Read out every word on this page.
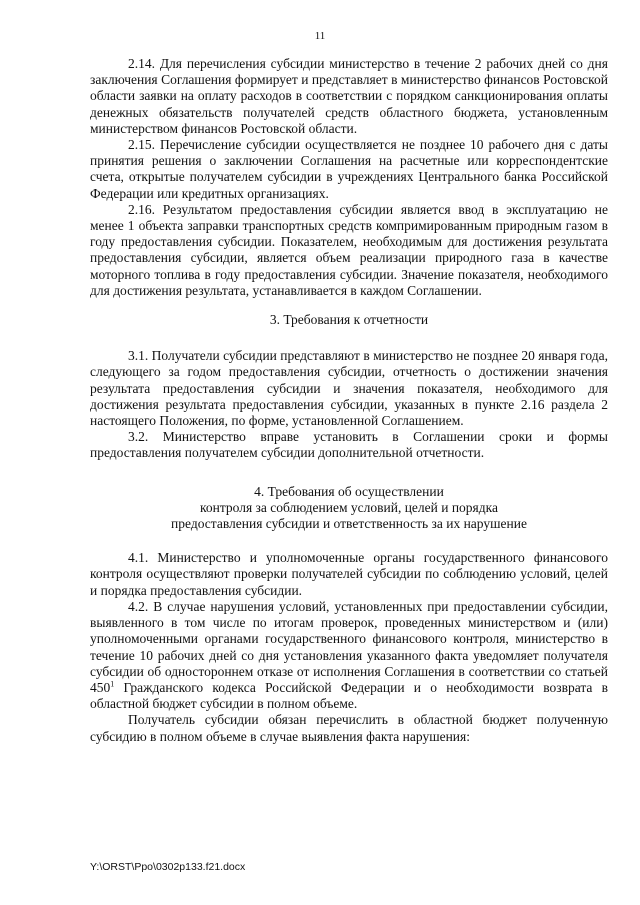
11

2.14. Для перечисления субсидии министерство в течение 2 рабочих дней со дня заключения Соглашения формирует и представляет в министерство финансов Ростовской области заявки на оплату расходов в соответствии с порядком санкционирования оплаты денежных обязательств получателей средств областного бюджета, установленным министерством финансов Ростовской области.

2.15. Перечисление субсидии осуществляется не позднее 10 рабочего дня с даты принятия решения о заключении Соглашения на расчетные или корреспондентские счета, открытые получателем субсидии в учреждениях Центрального банка Российской Федерации или кредитных организациях.

2.16. Результатом предоставления субсидии является ввод в эксплуатацию не менее 1 объекта заправки транспортных средств компримированным природным газом в году предоставления субсидии. Показателем, необходимым для достижения результата предоставления субсидии, является объем реализации природного газа в качестве моторного топлива в году предоставления субсидии. Значение показателя, необходимого для достижения результата, устанавливается в каждом Соглашении.

3. Требования к отчетности

3.1. Получатели субсидии представляют в министерство не позднее 20 января года, следующего за годом предоставления субсидии, отчетность о достижении значения результата предоставления субсидии и значения показателя, необходимого для достижения результата предоставления субсидии, указанных в пункте 2.16 раздела 2 настоящего Положения, по форме, установленной Соглашением.

3.2. Министерство вправе установить в Соглашении сроки и формы предоставления получателем субсидии дополнительной отчетности.

4. Требования об осуществлении
контроля за соблюдением условий, целей и порядка
предоставления субсидии и ответственность за их нарушение

4.1. Министерство и уполномоченные органы государственного финансового контроля осуществляют проверки получателей субсидии по соблюдению условий, целей и порядка предоставления субсидии.

4.2. В случае нарушения условий, установленных при предоставлении субсидии, выявленного в том числе по итогам проверок, проведенных министерством и (или) уполномоченными органами государственного финансового контроля, министерство в течение 10 рабочих дней со дня установления указанного факта уведомляет получателя субсидии об одностороннем отказе от исполнения Соглашения в соответствии со статьей $450^1$ Гражданского кодекса Российской Федерации и о необходимости возврата в областной бюджет субсидии в полном объеме.

Получатель субсидии обязан перечислить в областной бюджет полученную субсидию в полном объеме в случае выявления факта нарушения:

Y:\ORST\Ppo\0302p133.f21.docx
